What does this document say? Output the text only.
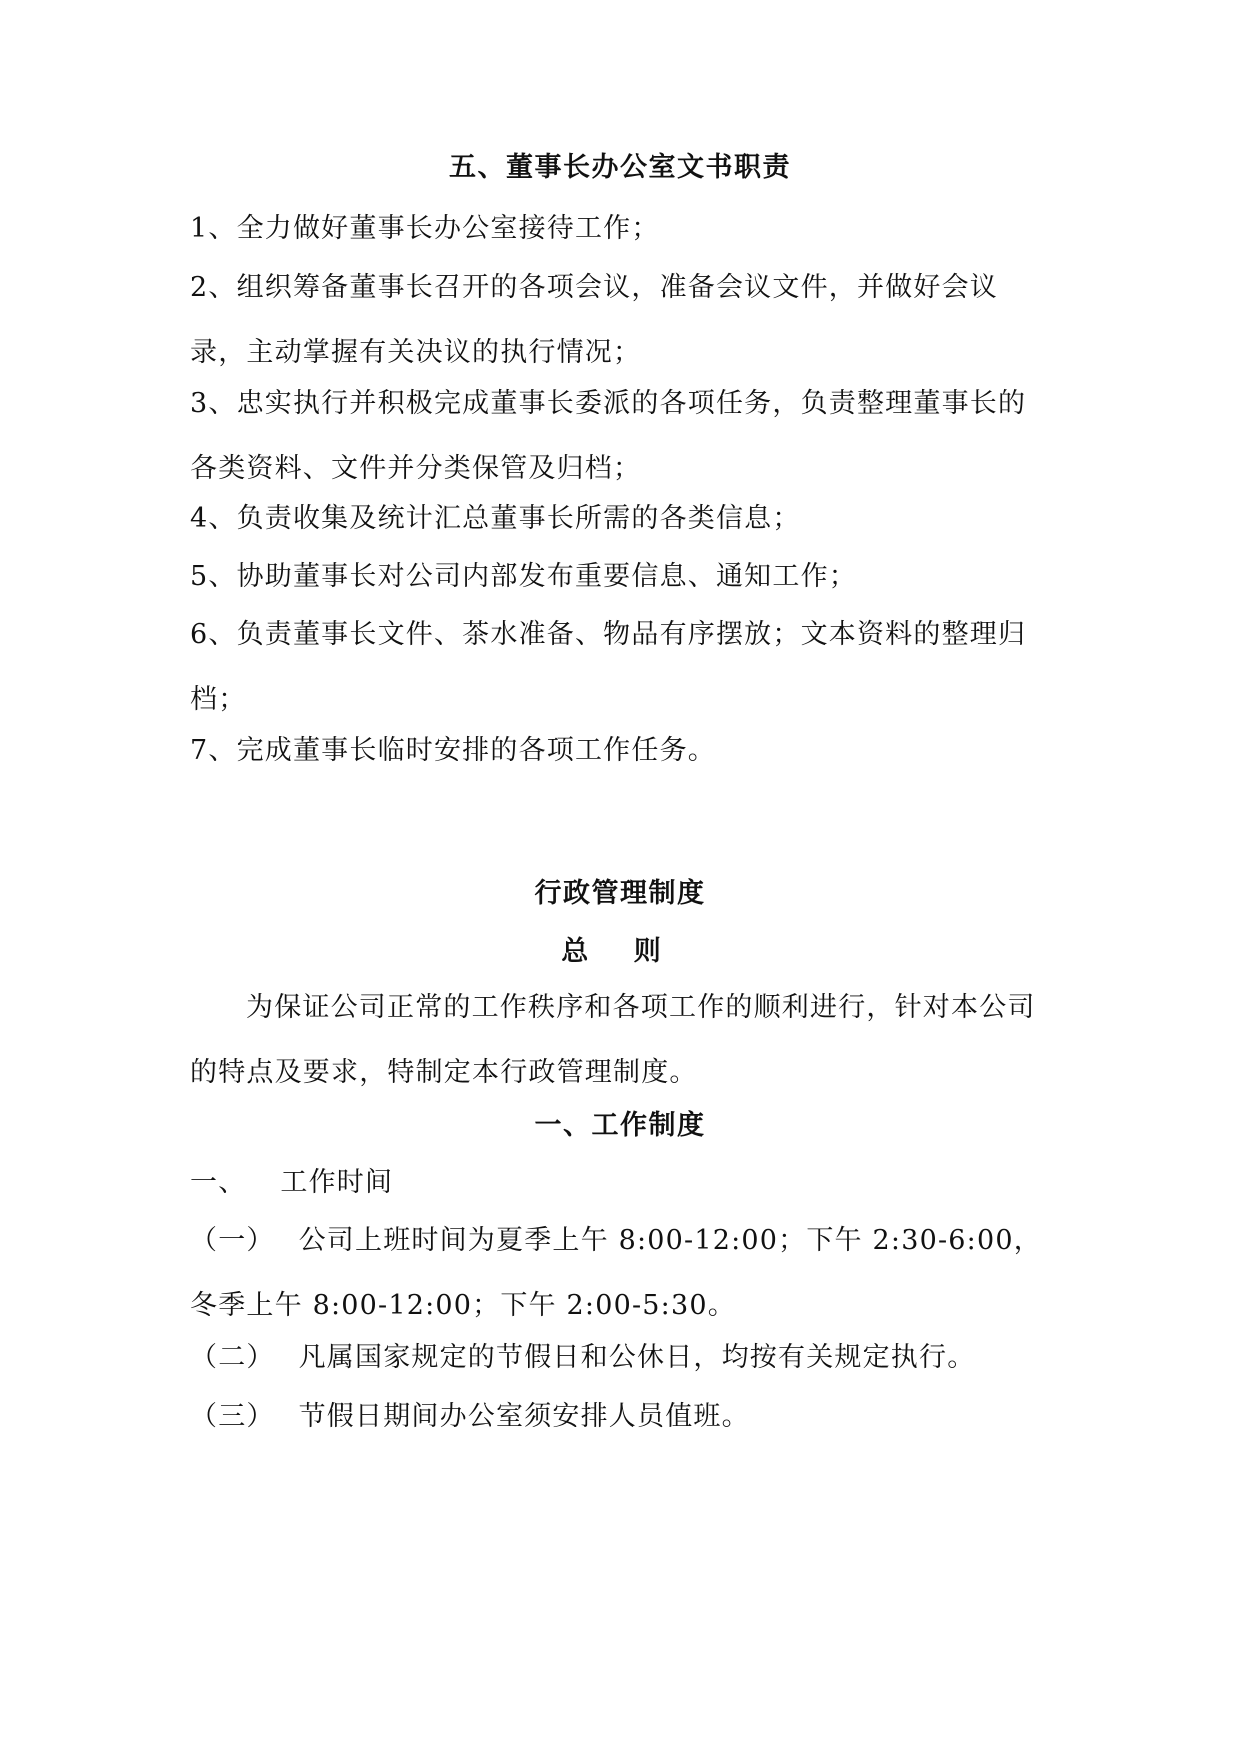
五、董事长办公室文书职责
1、全力做好董事长办公室接待工作；
2、组织筹备董事长召开的各项会议，准备会议文件，并做好会议录，主动掌握有关决议的执行情况；
3、忠实执行并积极完成董事长委派的各项任务，负责整理董事长的各类资料、文件并分类保管及归档；
4、负责收集及统计汇总董事长所需的各类信息；
5、协助董事长对公司内部发布重要信息、通知工作；
6、负责董事长文件、茶水准备、物品有序摆放；文本资料的整理归档；
7、完成董事长临时安排的各项工作任务。
行政管理制度
总 则
为保证公司正常的工作秩序和各项工作的顺利进行，针对本公司的特点及要求，特制定本行政管理制度。
一、工作制度
一、 工作时间
（一） 公司上班时间为夏季上午 8:00-12:00；下午 2:30-6:00，冬季上午 8:00-12:00；下午 2:00-5:30。
（二） 凡属国家规定的节假日和公休日，均按有关规定执行。
（三） 节假日期间办公室须安排人员值班。
